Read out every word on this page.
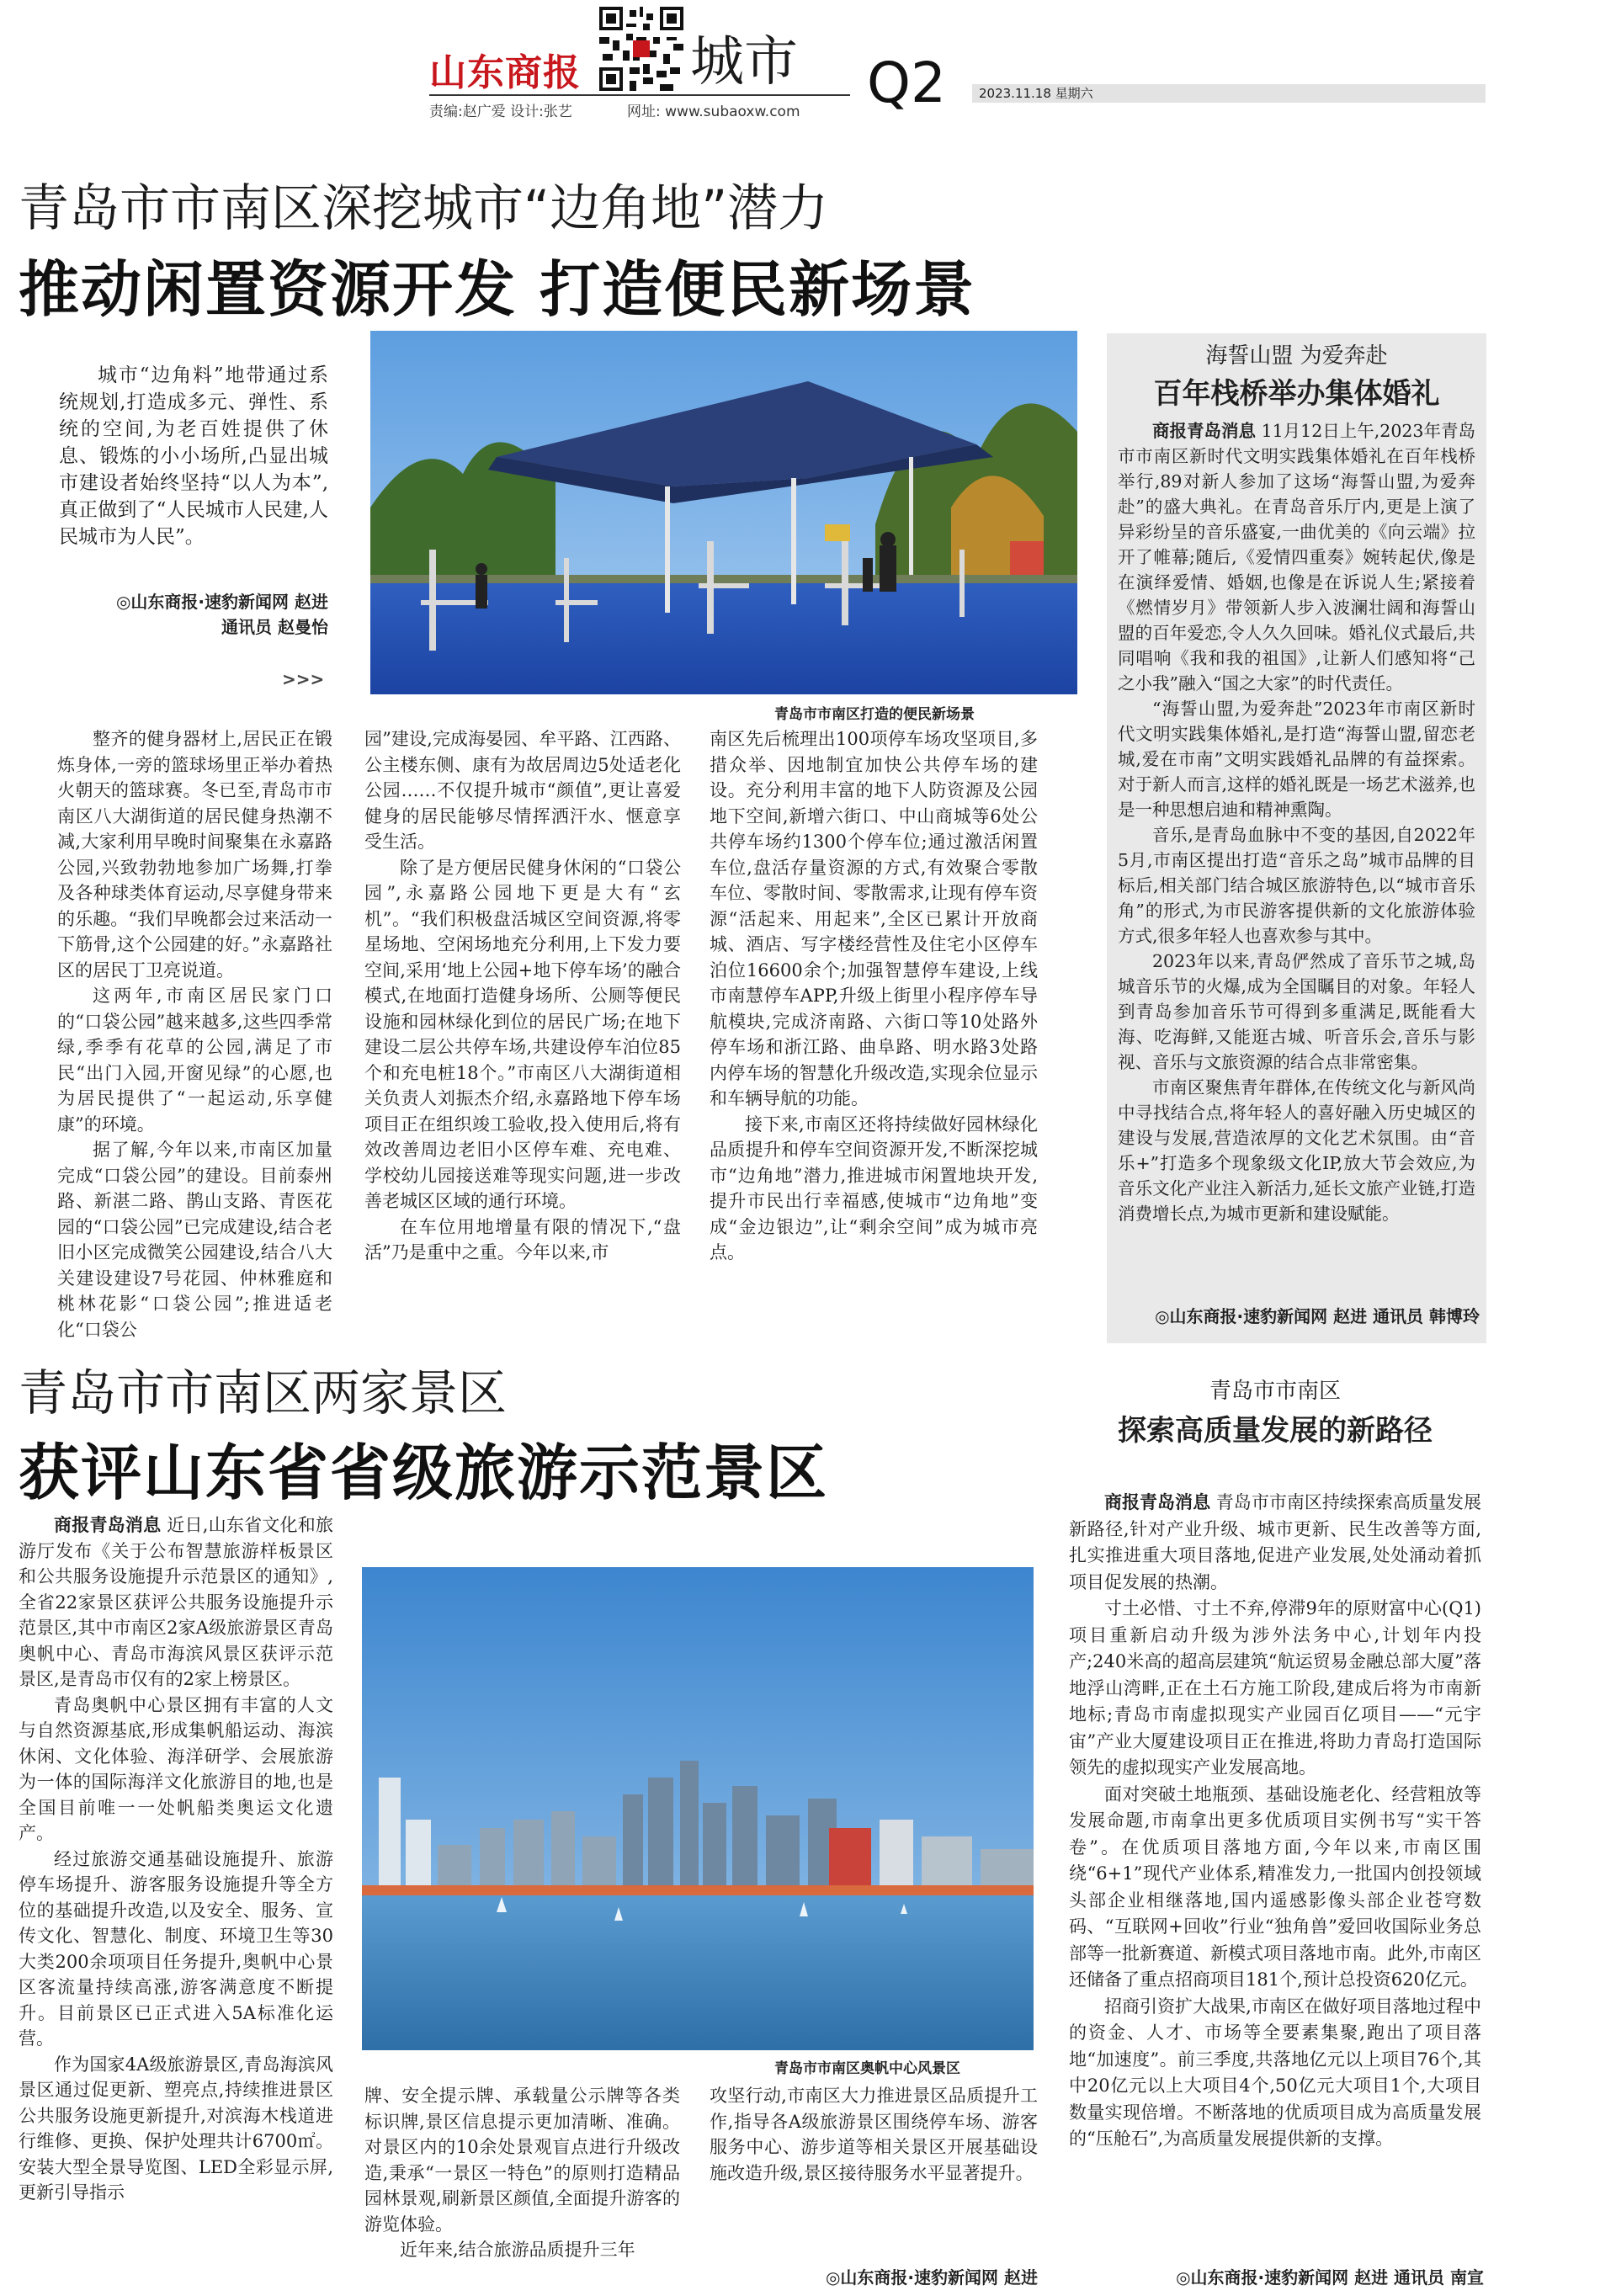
山东商报 城市
责编:赵广爱 设计:张艺	网址: www.subaoxw.com Q2	2023.11.18 星期六
青岛市市南区深挖城市“边角地”潜力
推动闲置资源开发 打造便民新场景

城市“边角料”地带通过系统规划,打造成多元、弹性、系统的空间,为老百姓提供了休息、锻炼的小小场所,凸显出城市建设者始终坚持“以人为本”,真正做到了“人民城市人民建,人民城市为人民”。

◎山东商报·速豹新闻网 赵进
通讯员 赵曼怡
>>>
青岛市市南区打造的便民新场景

整齐的健身器材上,居民正在锻炼身体,一旁的篮球场里正举办着热火朝天的篮球赛。冬已至,青岛市市南区八大湖街道的居民健身热潮不减,大家利用早晚时间聚集在永嘉路公园,兴致勃勃地参加广场舞,打拳及各种球类体育运动,尽享健身带来的乐趣。“我们早晚都会过来活动一下筋骨,这个公园建的好。”永嘉路社区的居民丁卫亮说道。

这两年,市南区居民家门口的“口袋公园”越来越多,这些四季常绿,季季有花草的公园,满足了市民“出门入园,开窗见绿”的心愿,也为居民提供了“一起运动,乐享健康”的环境。

据了解,今年以来,市南区加量完成“口袋公园”的建设。目前泰州路、新湛二路、鹊山支路、青医花园的“口袋公园”已完成建设,结合老旧小区完成微笑公园建设,结合八大关建设建设7号花园、仲林雅庭和桃林花影“口袋公园”;推进适老化“口袋公

园”建设,完成海晏园、牟平路、江西路、公主楼东侧、康有为故居周边5处适老化公园……不仅提升城市“颜值”,更让喜爱健身的居民能够尽情挥洒汗水、惬意享受生活。

除了是方便居民健身休闲的“口袋公园”,永嘉路公园地下更是大有“玄机”。“我们积极盘活城区空间资源,将零星场地、空闲场地充分利用,上下发力要空间,采用‘地上公园+地下停车场’的融合模式,在地面打造健身场所、公厕等便民设施和园林绿化到位的居民广场;在地下建设二层公共停车场,共建设停车泊位85个和充电桩18个。”市南区八大湖街道相关负责人刘振杰介绍,永嘉路地下停车场项目正在组织竣工验收,投入使用后,将有效改善周边老旧小区停车难、充电难、学校幼儿园接送难等现实问题,进一步改善老城区区域的通行环境。

在车位用地增量有限的情况下,“盘活”乃是重中之重。今年以来,市

南区先后梳理出100项停车场攻坚项目,多措众举、因地制宜加快公共停车场的建设。充分利用丰富的地下人防资源及公园地下空间,新增六街口、中山商城等6处公共停车场约1300个停车位;通过激活闲置车位,盘活存量资源的方式,有效聚合零散车位、零散时间、零散需求,让现有停车资源“活起来、用起来”,全区已累计开放商城、酒店、写字楼经营性及住宅小区停车泊位16600余个;加强智慧停车建设,上线市南慧停车APP,升级上街里小程序停车导航模块,完成济南路、六街口等10处路外停车场和浙江路、曲阜路、明水路3处路内停车场的智慧化升级改造,实现余位显示和车辆导航的功能。

接下来,市南区还将持续做好园林绿化品质提升和停车空间资源开发,不断深挖城市“边角地”潜力,推进城市闲置地块开发,提升市民出行幸福感,使城市“边角地”变成“金边银边”,让“剩余空间”成为城市亮点。

海誓山盟 为爱奔赴
百年栈桥举办集体婚礼

商报青岛消息 11月12日上午,2023年青岛市市南区新时代文明实践集体婚礼在百年栈桥举行,89对新人参加了这场“海誓山盟,为爱奔赴”的盛大典礼。在青岛音乐厅内,更是上演了异彩纷呈的音乐盛宴,一曲优美的《向云端》拉开了帷幕;随后,《爱情四重奏》婉转起伏,像是在演绎爱情、婚姻,也像是在诉说人生;紧接着《燃情岁月》带领新人步入波澜壮阔和海誓山盟的百年爱恋,令人久久回味。婚礼仪式最后,共同唱响《我和我的祖国》,让新人们感知将“己之小我”融入“国之大家”的时代责任。

“海誓山盟,为爱奔赴”2023年市南区新时代文明实践集体婚礼,是打造“海誓山盟,留恋老城,爱在市南”文明实践婚礼品牌的有益探索。对于新人而言,这样的婚礼既是一场艺术滋养,也是一种思想启迪和精神熏陶。

音乐,是青岛血脉中不变的基因,自2022年5月,市南区提出打造“音乐之岛”城市品牌的目标后,相关部门结合城区旅游特色,以“城市音乐角”的形式,为市民游客提供新的文化旅游体验方式,很多年轻人也喜欢参与其中。

2023年以来,青岛俨然成了音乐节之城,岛城音乐节的火爆,成为全国瞩目的对象。年轻人到青岛参加音乐节可得到多重满足,既能看大海、吃海鲜,又能逛古城、听音乐会,音乐与影视、音乐与文旅资源的结合点非常密集。

市南区聚焦青年群体,在传统文化与新风尚中寻找结合点,将年轻人的喜好融入历史城区的建设与发展,营造浓厚的文化艺术氛围。由“音乐+”打造多个现象级文化IP,放大节会效应,为音乐文化产业注入新活力,延长文旅产业链,打造消费增长点,为城市更新和建设赋能。

◎山东商报·速豹新闻网 赵进 通讯员 韩博玲
青岛市市南区两家景区
获评山东省省级旅游示范景区

商报青岛消息 近日,山东省文化和旅游厅发布《关于公布智慧旅游样板景区和公共服务设施提升示范景区的通知》,全省22家景区获评公共服务设施提升示范景区,其中市南区2家A级旅游景区青岛奥帆中心、青岛市海滨风景区获评示范景区,是青岛市仅有的2家上榜景区。

青岛奥帆中心景区拥有丰富的人文与自然资源基底,形成集帆船运动、海滨休闲、文化体验、海洋研学、会展旅游为一体的国际海洋文化旅游目的地,也是全国目前唯一一处帆船类奥运文化遗产。

经过旅游交通基础设施提升、旅游停车场提升、游客服务设施提升等全方位的基础提升改造,以及安全、服务、宣传文化、智慧化、制度、环境卫生等30大类200余项项目任务提升,奥帆中心景区客流量持续高涨,游客满意度不断提升。目前景区已正式进入5A标准化运营。

作为国家4A级旅游景区,青岛海滨风景区通过促更新、塑亮点,持续推进景区公共服务设施更新提升,对滨海木栈道进行维修、更换、保护处理共计6700㎡。安装大型全景导览图、LED全彩显示屏,更新引导指示

青岛市市南区奥帆中心风景区

牌、安全提示牌、承载量公示牌等各类标识牌,景区信息提示更加清晰、准确。对景区内的10余处景观盲点进行升级改造,秉承“一景区一特色”的原则打造精品园林景观,刷新景区颜值,全面提升游客的游览体验。

近年来,结合旅游品质提升三年

攻坚行动,市南区大力推进景区品质提升工作,指导各A级旅游景区围绕停车场、游客服务中心、游步道等相关景区开展基础设施改造升级,景区接待服务水平显著提升。

◎山东商报·速豹新闻网 赵进
青岛市市南区
探索高质量发展的新路径

商报青岛消息 青岛市市南区持续探索高质量发展新路径,针对产业升级、城市更新、民生改善等方面,扎实推进重大项目落地,促进产业发展,处处涌动着抓项目促发展的热潮。

寸土必惜、寸土不弃,停滞9年的原财富中心(Q1)项目重新启动升级为涉外法务中心,计划年内投产;240米高的超高层建筑“航运贸易金融总部大厦”落地浮山湾畔,正在土石方施工阶段,建成后将为市南新地标;青岛市南虚拟现实产业园百亿项目——“元宇宙”产业大厦建设项目正在推进,将助力青岛打造国际领先的虚拟现实产业发展高地。

面对突破土地瓶颈、基础设施老化、经营粗放等发展命题,市南拿出更多优质项目实例书写“实干答卷”。在优质项目落地方面,今年以来,市南区围绕“6+1”现代产业体系,精准发力,一批国内创投领域头部企业相继落地,国内遥感影像头部企业苍穹数码、“互联网+回收”行业“独角兽”爱回收国际业务总部等一批新赛道、新模式项目落地市南。此外,市南区还储备了重点招商项目181个,预计总投资620亿元。

招商引资扩大战果,市南区在做好项目落地过程中的资金、人才、市场等全要素集聚,跑出了项目落地“加速度”。前三季度,共落地亿元以上项目76个,其中20亿元以上大项目4个,50亿元大项目1个,大项目数量实现倍增。不断落地的优质项目成为高质量发展的“压舱石”,为高质量发展提供新的支撑。

◎山东商报·速豹新闻网 赵进 通讯员 南宣
